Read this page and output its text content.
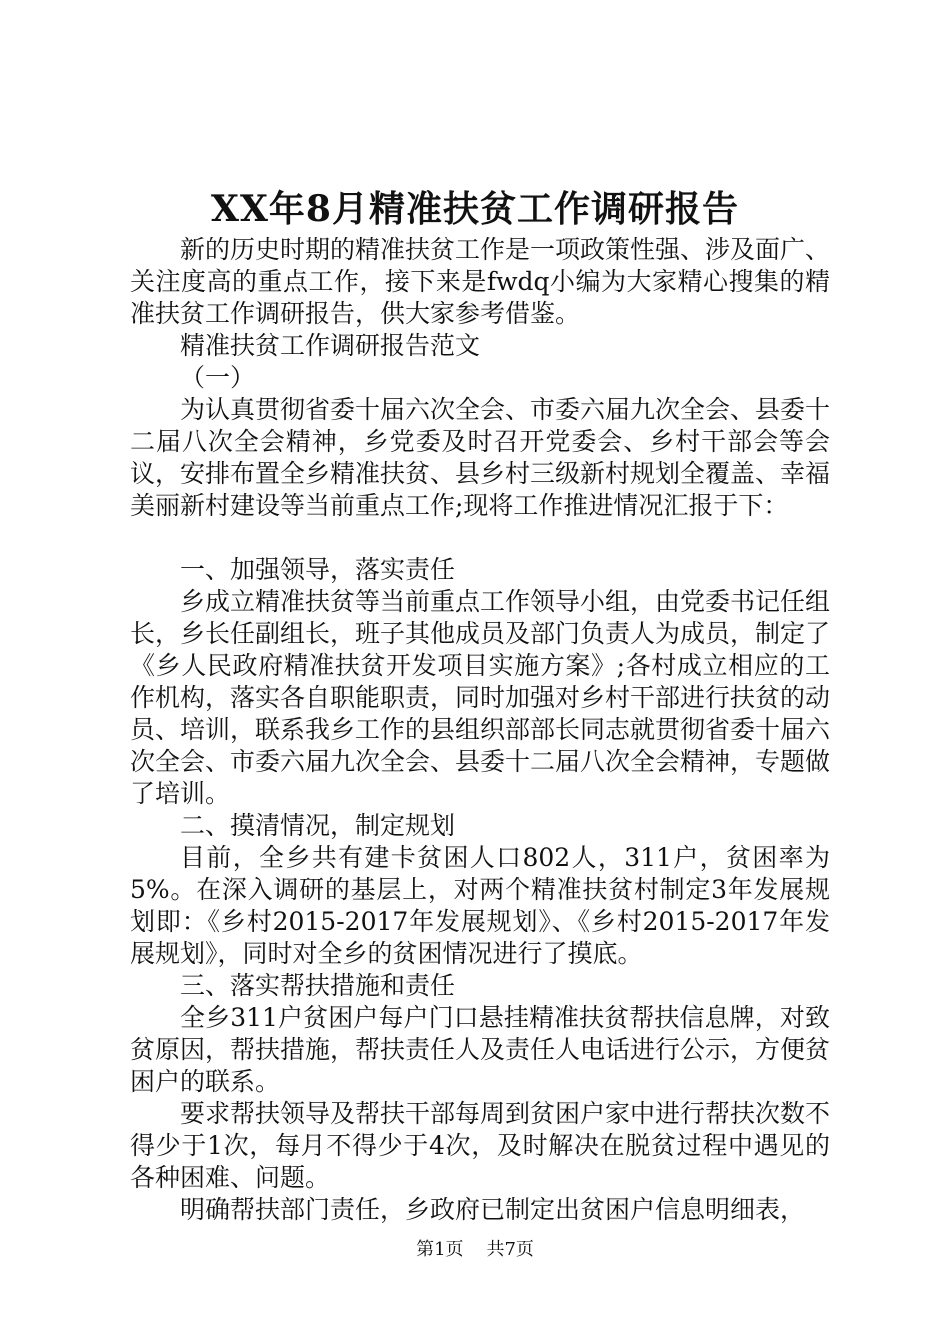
XX年8月精准扶贫工作调研报告

新的历史时期的精准扶贫工作是一项政策性强、涉及面广、关注度高的重点工作，接下来是fwdq小编为大家精心搜集的精准扶贫工作调研报告，供大家参考借鉴。

精准扶贫工作调研报告范文

（一）

为认真贯彻省委十届六次全会、市委六届九次全会、县委十二届八次全会精神，乡党委及时召开党委会、乡村干部会等会议，安排布置全乡精准扶贫、县乡村三级新村规划全覆盖、幸福美丽新村建设等当前重点工作;现将工作推进情况汇报于下：

一、加强领导，落实责任

乡成立精准扶贫等当前重点工作领导小组，由党委书记任组长，乡长任副组长，班子其他成员及部门负责人为成员，制定了《乡人民政府精准扶贫开发项目实施方案》;各村成立相应的工作机构，落实各自职能职责，同时加强对乡村干部进行扶贫的动员、培训，联系我乡工作的县组织部部长同志就贯彻省委十届六次全会、市委六届九次全会、县委十二届八次全会精神，专题做了培训。

二、摸清情况，制定规划

目前，全乡共有建卡贫困人口802人，311户，贫困率为5%。在深入调研的基层上，对两个精准扶贫村制定3年发展规划即：《乡村2015-2017年发展规划》、《乡村2015-2017年发展规划》，同时对全乡的贫困情况进行了摸底。

三、落实帮扶措施和责任

全乡311户贫困户每户门口悬挂精准扶贫帮扶信息牌，对致贫原因，帮扶措施，帮扶责任人及责任人电话进行公示，方便贫困户的联系。

要求帮扶领导及帮扶干部每周到贫困户家中进行帮扶次数不得少于1次，每月不得少于4次，及时解决在脱贫过程中遇见的各种困难、问题。

明确帮扶部门责任，乡政府已制定出贫困户信息明细表，

第1页 共7页
